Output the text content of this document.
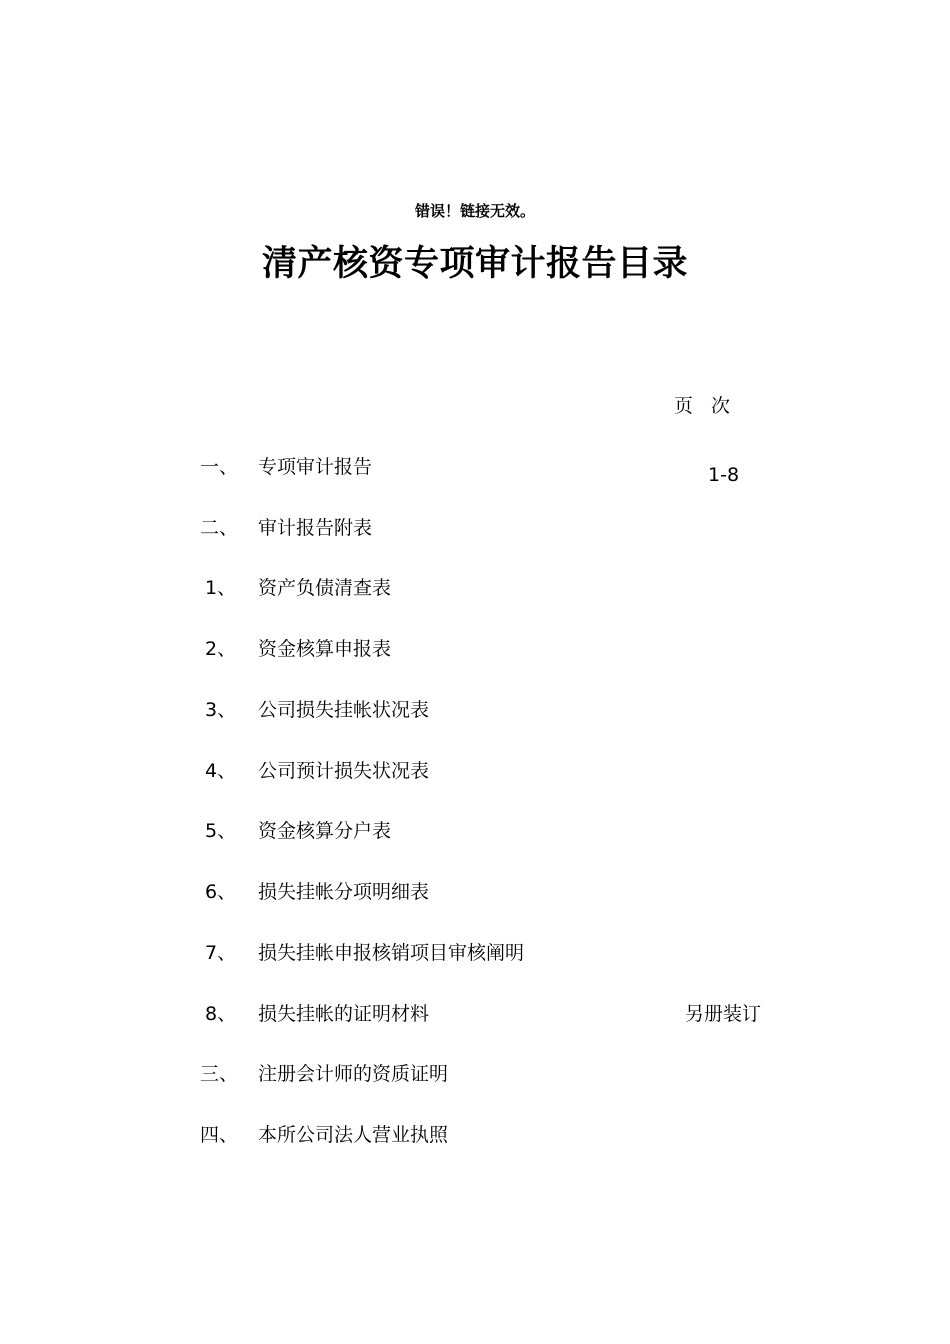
错误！链接无效。
清产核资专项审计报告目录
页 次
一、	专项审计报告	1-8
二、	审计报告附表
1、	资产负债清查表
2、	资金核算申报表
3、	公司损失挂帐状况表
4、	公司预计损失状况表
5、	资金核算分户表
6、	损失挂帐分项明细表
7、	损失挂帐申报核销项目审核阐明
8、	损失挂帐的证明材料	另册装订
三、	注册会计师的资质证明
四、	本所公司法人营业执照
